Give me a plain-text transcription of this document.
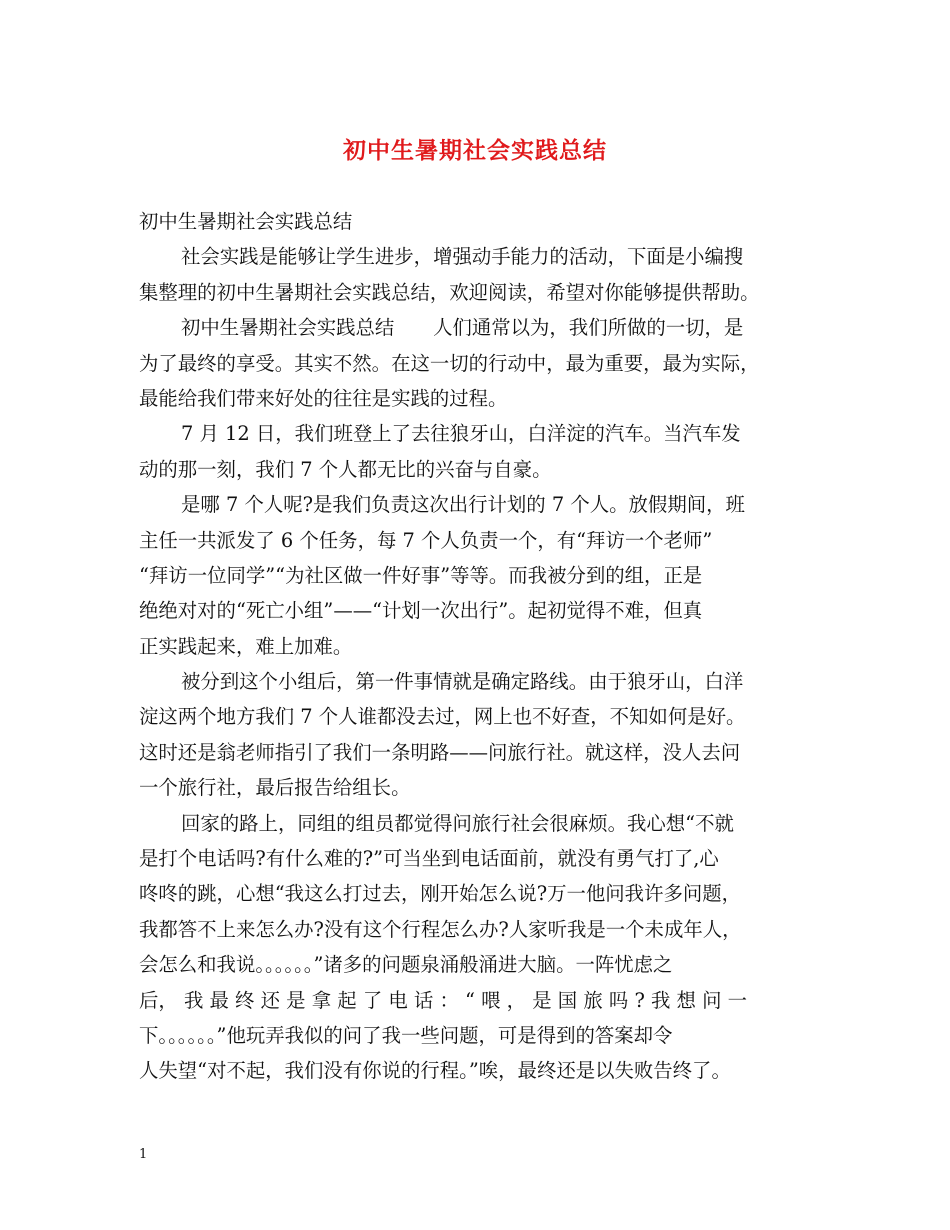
初中生暑期社会实践总结
初中生暑期社会实践总结
社会实践是能够让学生进步，增强动手能力的活动，下面是小编搜
集整理的初中生暑期社会实践总结，欢迎阅读，希望对你能够提供帮助。
初中生暑期社会实践总结　　人们通常以为，我们所做的一切，是
为了最终的享受。其实不然。在这一切的行动中，最为重要，最为实际，
最能给我们带来好处的往往是实践的过程。
7 月 12 日，我们班登上了去往狼牙山，白洋淀的汽车。当汽车发
动的那一刻，我们 7 个人都无比的兴奋与自豪。
是哪 7 个人呢?是我们负责这次出行计划的 7 个人。放假期间，班
主任一共派发了 6 个任务，每 7 个人负责一个，有“拜访一个老师”
“拜访一位同学”“为社区做一件好事”等等。而我被分到的组，正是
绝绝对对的“死亡小组”——“计划一次出行”。起初觉得不难，但真
正实践起来，难上加难。
被分到这个小组后，第一件事情就是确定路线。由于狼牙山，白洋
淀这两个地方我们 7 个人谁都没去过，网上也不好查，不知如何是好。
这时还是翁老师指引了我们一条明路——问旅行社。就这样，没人去问
一个旅行社，最后报告给组长。
回家的路上，同组的组员都觉得问旅行社会很麻烦。我心想“不就
是打个电话吗?有什么难的?”可当坐到电话面前，就没有勇气打了,心
咚咚的跳，心想“我这么打过去，刚开始怎么说?万一他问我许多问题，
我都答不上来怎么办?没有这个行程怎么办?人家听我是一个未成年人，
会怎么和我说。。。。。。”诸多的问题泉涌般涌进大脑。一阵忧虑之
后， 我 最 终 还 是 拿 起 了 电 话 ： “ 喂 ， 是 国 旅 吗 ? 我 想 问 一
下。。。。。。”他玩弄我似的问了我一些问题，可是得到的答案却令
人失望“对不起，我们没有你说的行程。”唉，最终还是以失败告终了。
1
